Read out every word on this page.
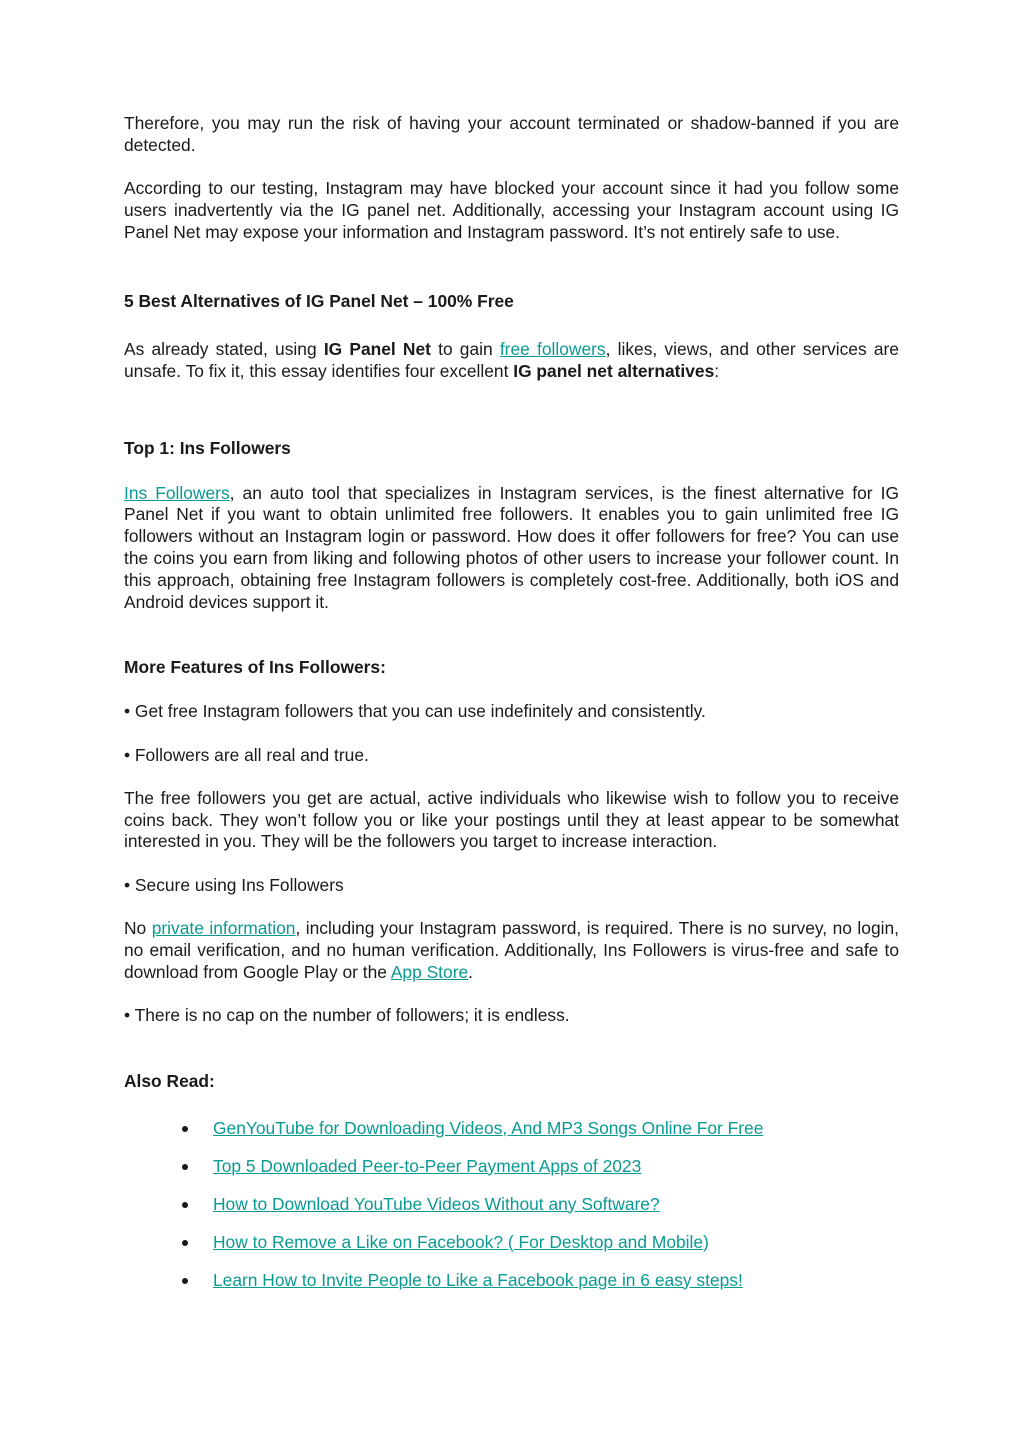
Therefore, you may run the risk of having your account terminated or shadow-banned if you are detected.

According to our testing, Instagram may have blocked your account since it had you follow some users inadvertently via the IG panel net. Additionally, accessing your Instagram account using IG Panel Net may expose your information and Instagram password. It’s not entirely safe to use.

5 Best Alternatives of IG Panel Net – 100% Free

As already stated, using IG Panel Net to gain free followers, likes, views, and other services are unsafe. To fix it, this essay identifies four excellent IG panel net alternatives:

Top 1: Ins Followers

Ins Followers, an auto tool that specializes in Instagram services, is the finest alternative for IG Panel Net if you want to obtain unlimited free followers. It enables you to gain unlimited free IG followers without an Instagram login or password. How does it offer followers for free? You can use the coins you earn from liking and following photos of other users to increase your follower count. In this approach, obtaining free Instagram followers is completely cost-free. Additionally, both iOS and Android devices support it.

More Features of Ins Followers:

• Get free Instagram followers that you can use indefinitely and consistently.

• Followers are all real and true.

The free followers you get are actual, active individuals who likewise wish to follow you to receive coins back. They won’t follow you or like your postings until they at least appear to be somewhat interested in you. They will be the followers you target to increase interaction.

• Secure using Ins Followers

No private information, including your Instagram password, is required. There is no survey, no login, no email verification, and no human verification. Additionally, Ins Followers is virus-free and safe to download from Google Play or the App Store.

• There is no cap on the number of followers; it is endless.

Also Read:

GenYouTube for Downloading Videos, And MP3 Songs Online For Free
Top 5 Downloaded Peer-to-Peer Payment Apps of 2023
How to Download YouTube Videos Without any Software?
How to Remove a Like on Facebook? ( For Desktop and Mobile)
Learn How to Invite People to Like a Facebook page in 6 easy steps!
